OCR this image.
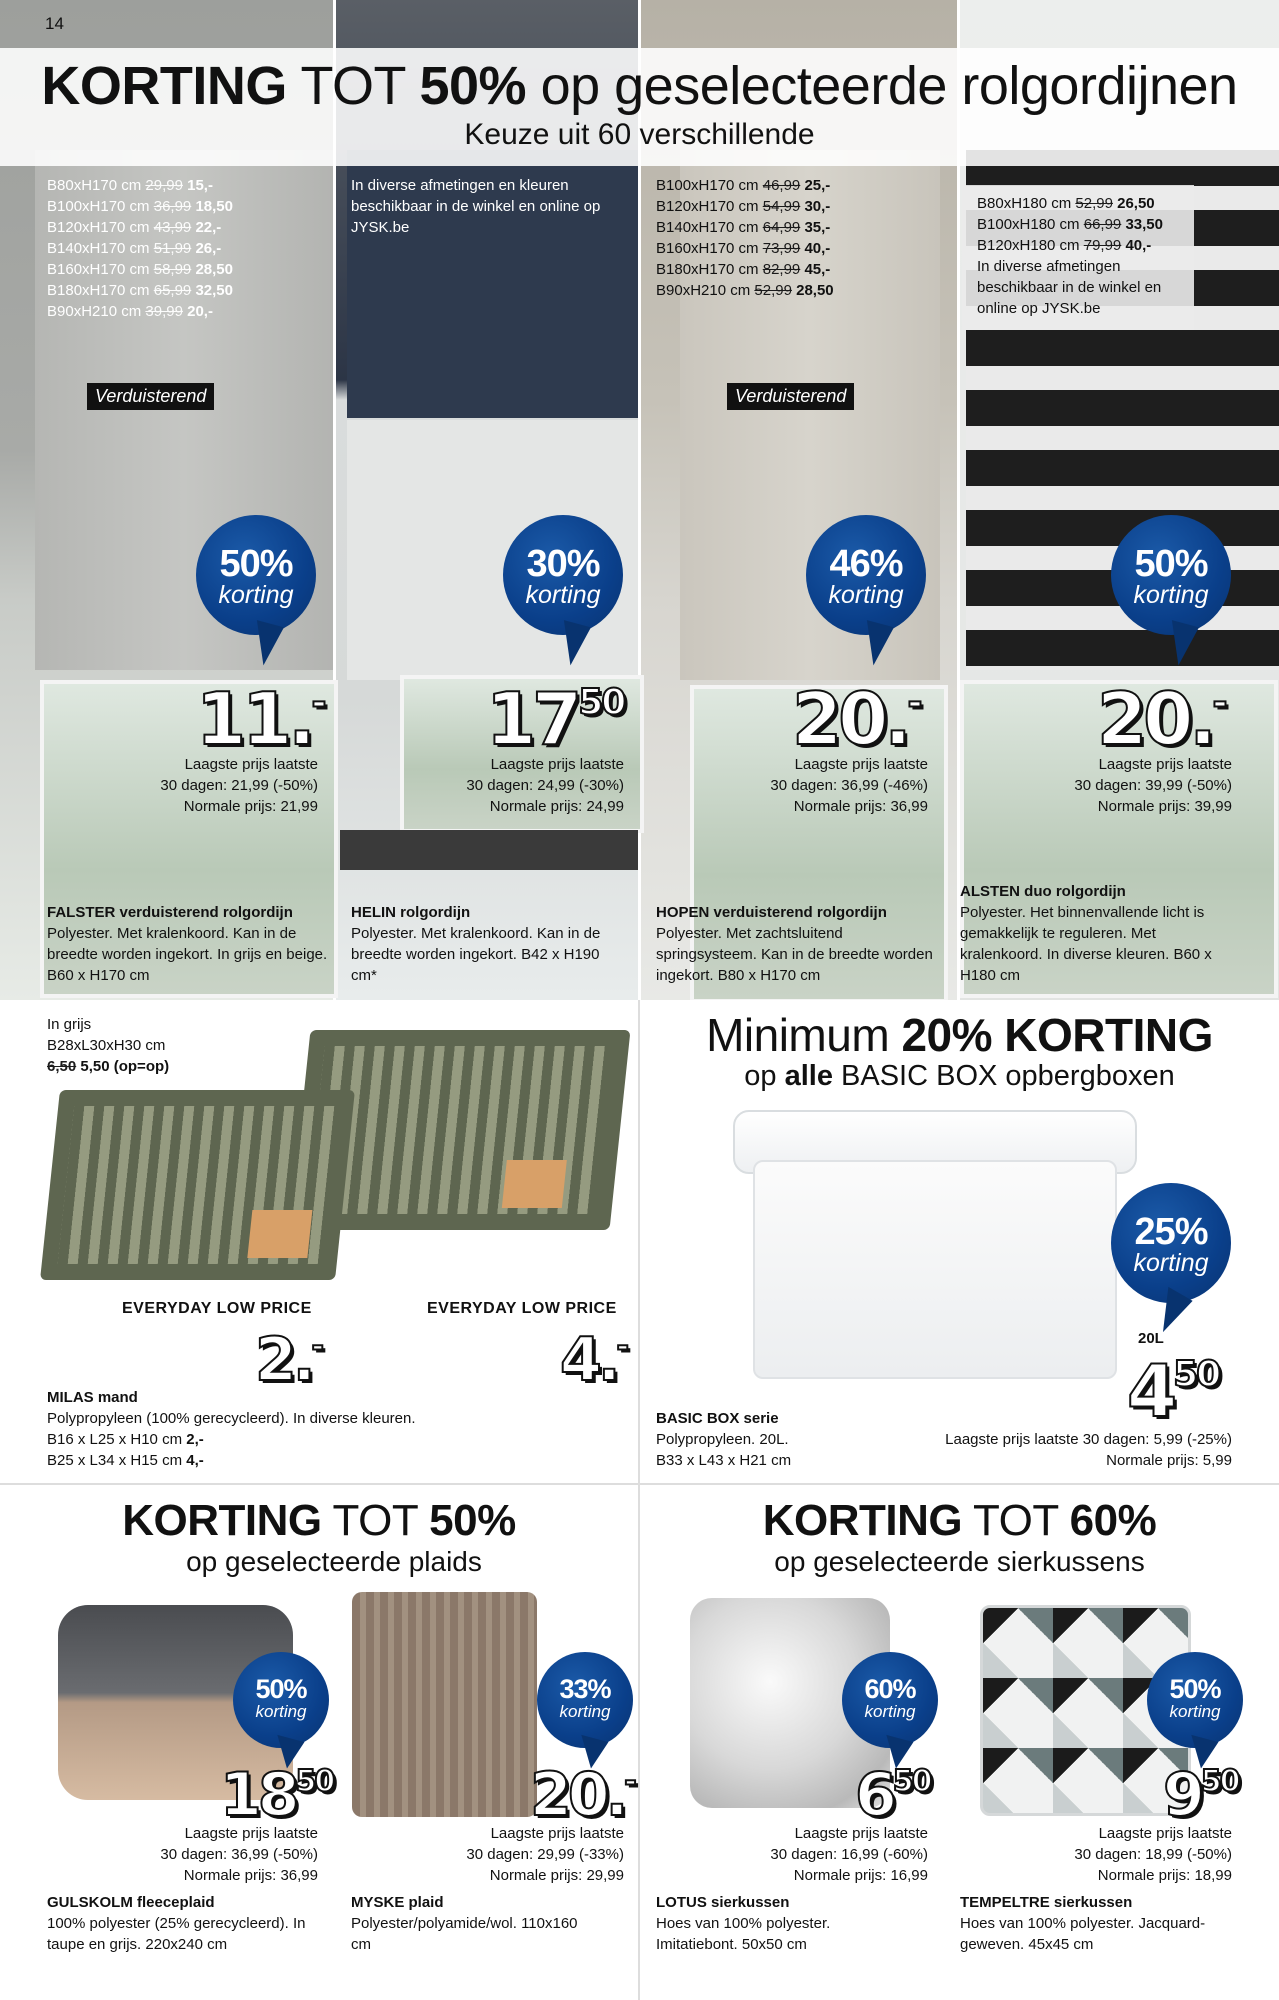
14
KORTING TOT 50% op geselecteerde rolgordijnen
Keuze uit 60 verschillende
B80xH170 cm 29,99 15,-
B100xH170 cm 36,99 18,50
B120xH170 cm 43,99 22,-
B140xH170 cm 51,99 26,-
B160xH170 cm 58,99 28,50
B180xH170 cm 65,99 32,50
B90xH210 cm 39,99 20,-
In diverse afmetingen en kleuren beschikbaar in de winkel en online op JYSK.be
B100xH170 cm 46,99 25,-
B120xH170 cm 54,99 30,-
B140xH170 cm 64,99 35,-
B160xH170 cm 73,99 40,-
B180xH170 cm 82,99 45,-
B90xH210 cm 52,99 28,50
B80xH180 cm 52,99 26,50
B100xH180 cm 66,99 33,50
B120xH180 cm 79,99 40,-
In diverse afmetingen beschikbaar in de winkel en online op JYSK.be
Verduisterend	Verduisterend
50%
korting
30%
korting
46%
korting
50%
korting
11.- $17^{50}$ 20.- 20.-
Laagste prijs laatste
30 dagen: 21,99 (-50%)
Normale prijs: 21,99
Laagste prijs laatste
30 dagen: 24,99 (-30%)
Normale prijs: 24,99
Laagste prijs laatste
30 dagen: 36,99 (-46%)
Normale prijs: 36,99
Laagste prijs laatste
30 dagen: 39,99 (-50%)
Normale prijs: 39,99
FALSTER verduisterend rolgordijn
Polyester. Met kralenkoord. Kan in de breedte worden ingekort. In grijs en beige. B60 x H170 cm
HELIN rolgordijn
Polyester. Met kralenkoord. Kan in de breedte worden ingekort. B42 x H190 cm*
HOPEN verduisterend rolgordijn
Polyester. Met zachtsluitend springsysteem. Kan in de breedte worden ingekort. B80 x H170 cm
ALSTEN duo rolgordijn
Polyester. Het binnenvallende licht is gemakkelijk te reguleren. Met kralenkoord. In diverse kleuren. B60 x H180 cm
In grijs
B28xL30xH30 cm
6,50 5,50 (op=op)
EVERYDAY LOW PRICE	EVERYDAY LOW PRICE
2.-	4.-
MILAS mand
Polypropyleen (100% gerecycleerd). In diverse kleuren.
B16 x L25 x H10 cm 2,-
B25 x L34 x H15 cm 4,-
Minimum 20% KORTING
op alle BASIC BOX opbergboxen
25%
korting
20L
$4^{50}$
BASIC BOX serie
Polypropyleen. 20L.
B33 x L43 x H21 cm
Laagste prijs laatste 30 dagen: 5,99 (-25%)
Normale prijs: 5,99
KORTING TOT 50%
op geselecteerde plaids
KORTING TOT 60%
op geselecteerde sierkussens
50%
korting
33%
korting
60%
korting
50%
korting
$18^{50}$	20.-	$6^{50}$	$9^{50}$
Laagste prijs laatste
30 dagen: 36,99 (-50%)
Normale prijs: 36,99
Laagste prijs laatste
30 dagen: 29,99 (-33%)
Normale prijs: 29,99
Laagste prijs laatste
30 dagen: 16,99 (-60%)
Normale prijs: 16,99
Laagste prijs laatste
30 dagen: 18,99 (-50%)
Normale prijs: 18,99
GULSKOLM fleeceplaid
100% polyester (25% gerecycleerd). In taupe en grijs. 220x240 cm
MYSKE plaid
Polyester/polyamide/wol. 110x160 cm
LOTUS sierkussen
Hoes van 100% polyester. Imitatiebont. 50x50 cm
TEMPELTRE sierkussen
Hoes van 100% polyester. Jacquard-geweven. 45x45 cm
